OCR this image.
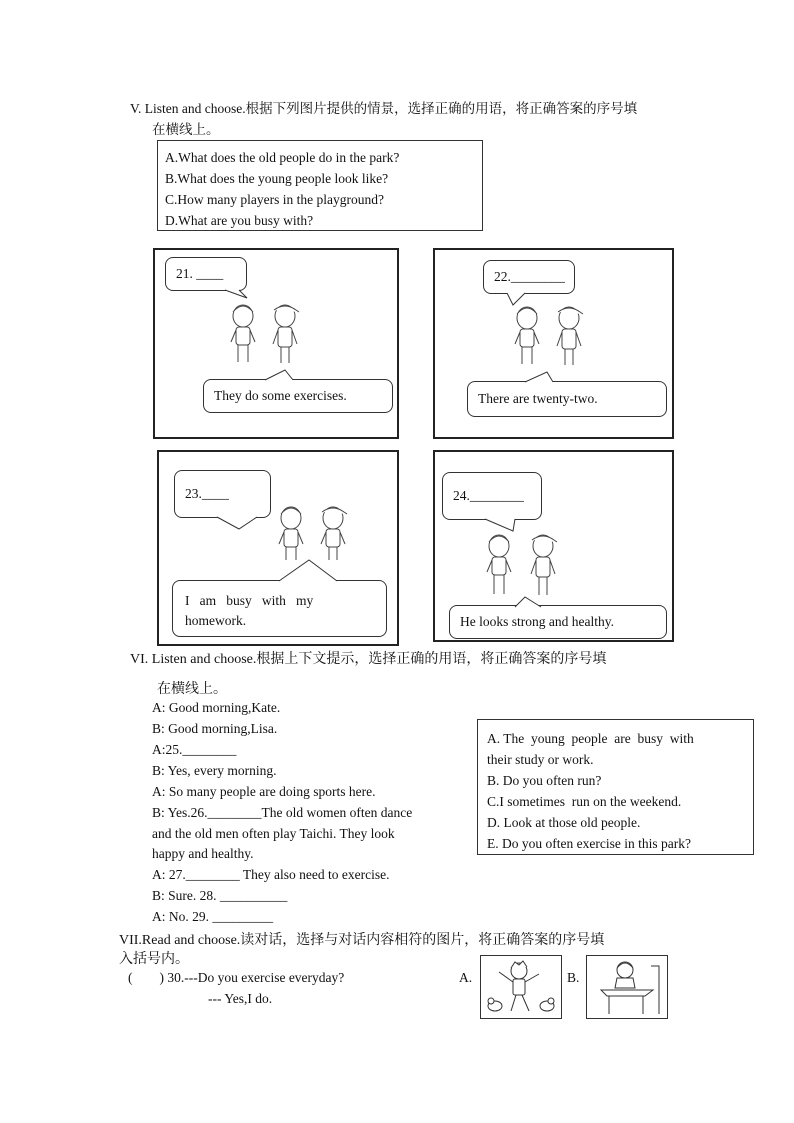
V. Listen and choose.根据下列图片提供的情景，选择正确的用语，将正确答案的序号填
在横线上。
A.What does the old people do in the park?
B.What does the young people look like?
C.How many players in the playground?
D.What are you busy with?
21. ____
They do some exercises.
22.________
There are twenty-two.
23.____
I   am   busy   with   my
homework.
24.________
He looks strong and healthy.
VI. Listen and choose.根据上下文提示，选择正确的用语，将正确答案的序号填
在横线上。
A: Good morning,Kate.
B: Good morning,Lisa.
A:25.________
B: Yes, every morning.
A: So many people are doing sports here.
B: Yes.26.________The old women often dance
and the old men often play Taichi. They look
happy and healthy.
A: 27.________ They also need to exercise.
B: Sure. 28. __________
A: No. 29. _________
A. The  young  people  are  busy  with
their study or work.
B. Do you often run?
C.I sometimes  run on the weekend.
D. Look at those old people.
E. Do you often exercise in this park?
VII.Read and choose.读对话，选择与对话内容相符的图片，将正确答案的序号填
入括号内。
(        ) 30.---Do you exercise everyday?
--- Yes,I do.
A.	B.
